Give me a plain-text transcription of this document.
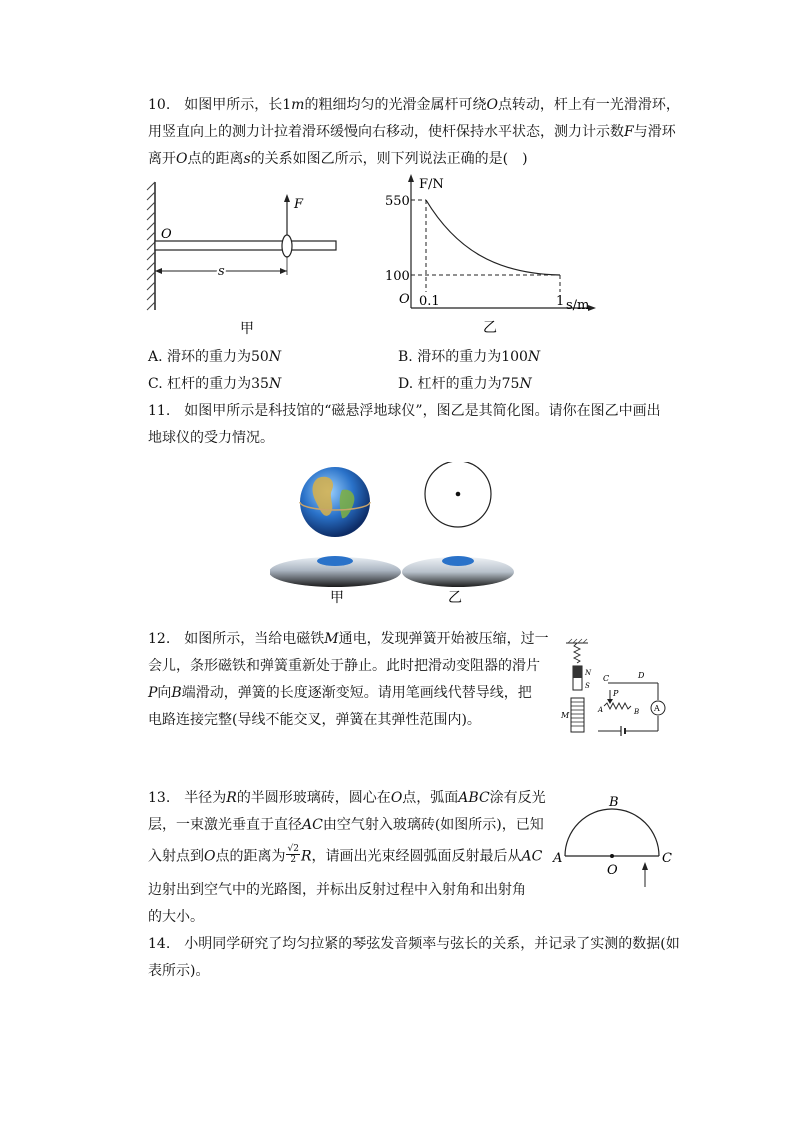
10.　如图甲所示，长1m的粗细均匀的光滑金属杆可绕O点转动，杆上有一光滑滑环，
用竖直向上的测力计拉着滑环缓慢向右移动，使杆保持水平状态，测力计示数F与滑环
离开O点的距离s的关系如图乙所示，则下列说法正确的是(　)
F
O
s
甲
F/N
550
100
O 0.1	1 s/m
乙
A. 滑环的重力为50N	B. 滑环的重力为100N
C. 杠杆的重力为35N	D. 杠杆的重力为75N
11.　如图甲所示是科技馆的“磁悬浮地球仪”，图乙是其简化图。请你在图乙中画出
地球仪的受力情况。
甲	乙
12.　如图所示，当给电磁铁M通电，发现弹簧开始被压缩，过一
会儿，条形磁铁和弹簧重新处于静止。此时把滑动变阻器的滑片
P向B端滑动，弹簧的长度逐渐变短。请用笔画线代替导线，把
电路连接完整(导线不能交叉，弹簧在其弹性范围内)。
N
S
M
C	D
A
P
A	B
13.　半径为R的半圆形玻璃砖，圆心在O点，弧面ABC涂有反光
层，一束激光垂直于直径AC由空气射入玻璃砖(如图所示)，已知
入射点到O点的距离为 $\frac{√2}{2}$ R，请画出光束经圆弧面反射最后从AC
边射出到空气中的光路图，并标出反射过程中入射角和出射角
的大小。
B
A	C
O
14.　小明同学研究了均匀拉紧的琴弦发音频率与弦长的关系，并记录了实测的数据(如
表所示)。
